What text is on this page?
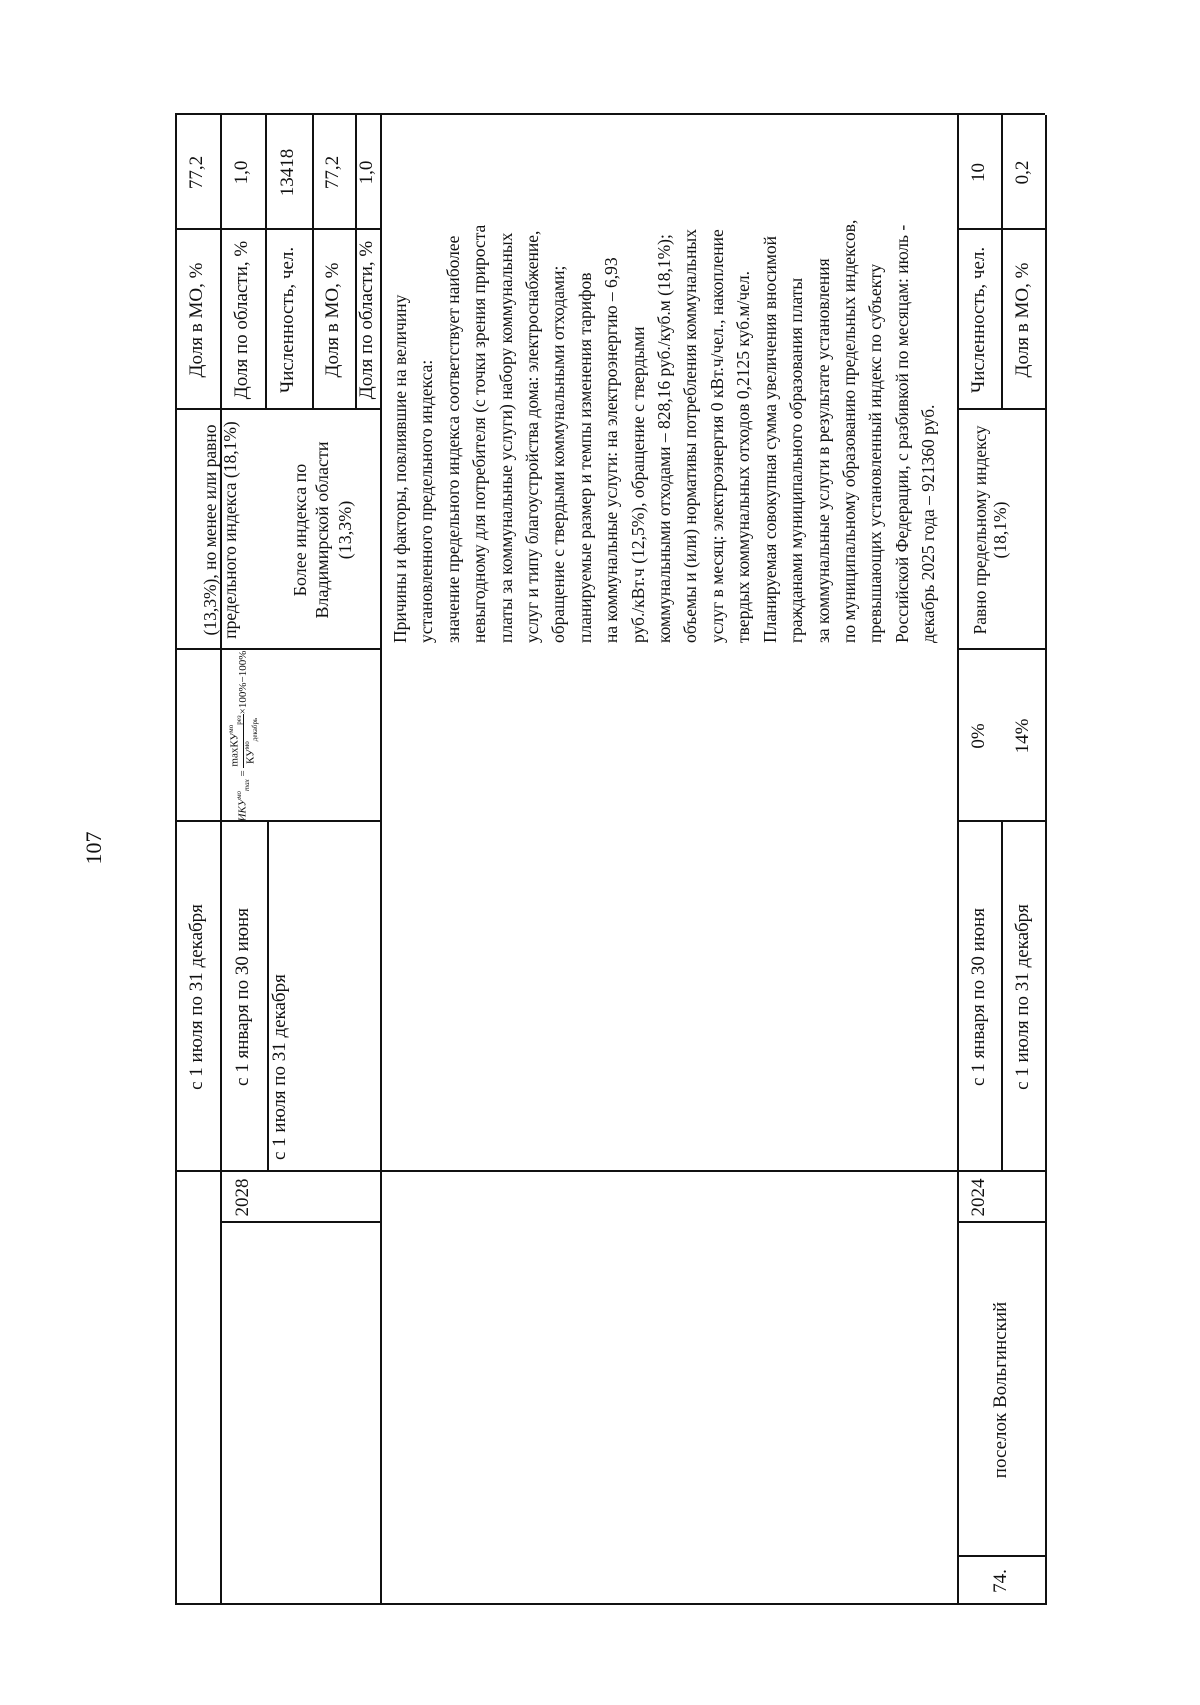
107
с 1 июля по 31 декабря
(13,3%), но менее или равно предельного индекса (18,1%)
Доля в МО, %
77,2
Доля по области, %
1,0
2028
с 1 января по 30 июня с 1 июля по 31 декабря
$ИКУ^{мо}_{max}$
=
maxКУ$^{мо}_{рез}$
$КУ^{мо}_{декабрь}$
×100%−100%
Более индекса по Владимирской области (13,3%)
Численность, чел.
13418
Доля в МО, %
77,2
Доля по области, %
1,0
Причины и факторы, повлиявшие на величину установленного предельного индекса: значение предельного индекса соответствует наиболее невыгодному для потребителя (с точки зрения прироста платы за коммунальные услуги) набору коммунальных услуг и типу благоустройства дома: электроснабжение, обращение с твердыми коммунальными отходами; планируемые размер и темпы изменения тарифов на коммунальные услуги: на электроэнергию – 6,93 руб./кВт.ч (12,5%), обращение с твердыми коммунальными отходами – 828,16 руб./куб.м (18,1%); объемы и (или) нормативы потребления коммунальных услуг в месяц: электроэнергия 0 кВт.ч/чел., накопление твердых коммунальных отходов 0,2125 куб.м/чел. Планируемая совокупная сумма увеличения вносимой гражданами муниципального образования платы за коммунальные услуги в результате установления по муниципальному образованию предельных индексов, превышающих установленный индекс по субъекту Российской Федерации, с разбивкой по месяцам: июль - декабрь 2025 года – 921360 руб.
74.
поселок Вольгинский
2024
с 1 января по 30 июня	с 1 июля по 31 декабря
0%	14%
Равно предельному индексу (18,1%)
Численность, чел.
10
Доля в МО, %
0,2
